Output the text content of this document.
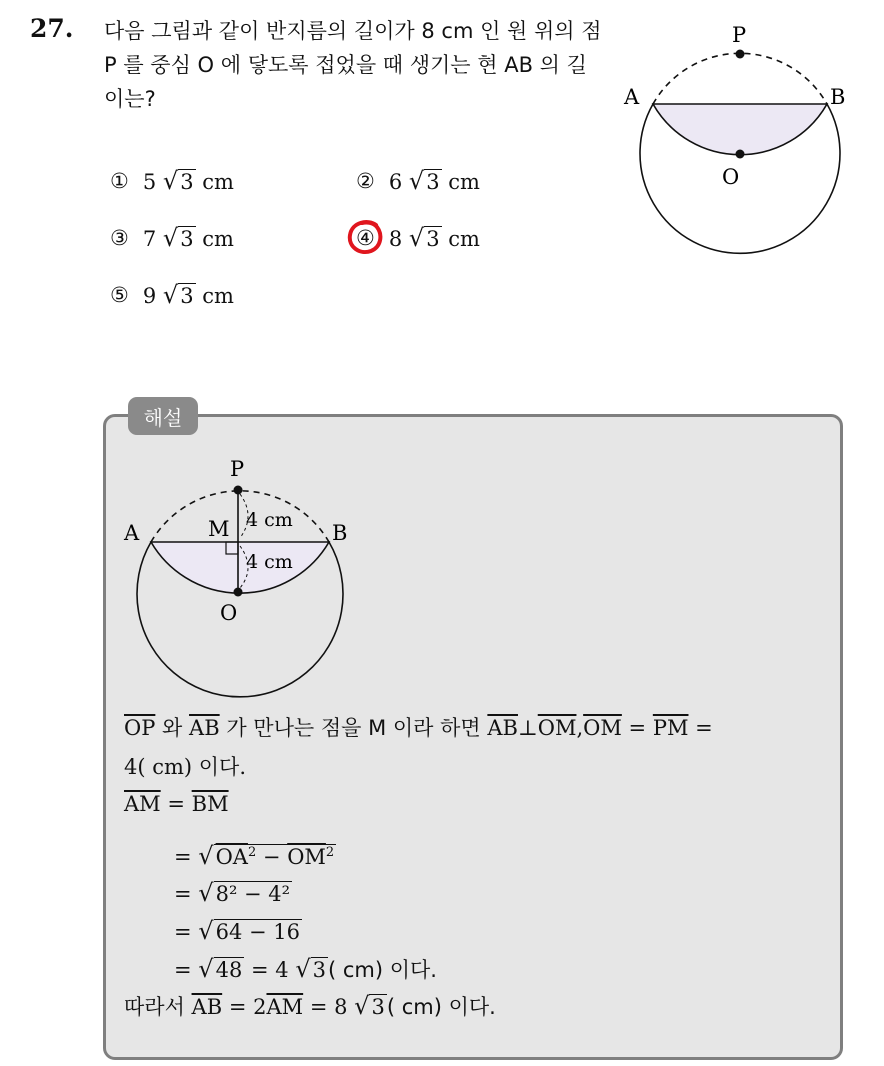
27. 다음 그림과 같이 반지름의 길이가 8 cm 인 원 위의 점 P 를 중심 O 에 닿도록 접었을 때 생기는 현 AB 의 길이는?
P
A	B
O
① 5 √3 cm	② 6 √3 cm
③ 7 √3 cm	④ 8 √3 cm
⑤ 9 √3 cm
해설
P
A	B
M
O
4 cm
4 cm
$\overline{OP}$ 와 $\overline{AB}$ 가 만나는 점을 M 이라 하면 $\overline{AB}\perp\overline{OM},\overline{OM} = \overline{PM}$ =
4( cm) 이다.
$\overline{AM} = \overline{BM}$
= $√OA^2 - \overline{OM}^2$
= √8² − 4²
= √64 − 16
= √48 = 4 √3( cm) 이다.
따라서 $\overline{AB} = 2\overline{AM} = 8$ √3( cm) 이다.
